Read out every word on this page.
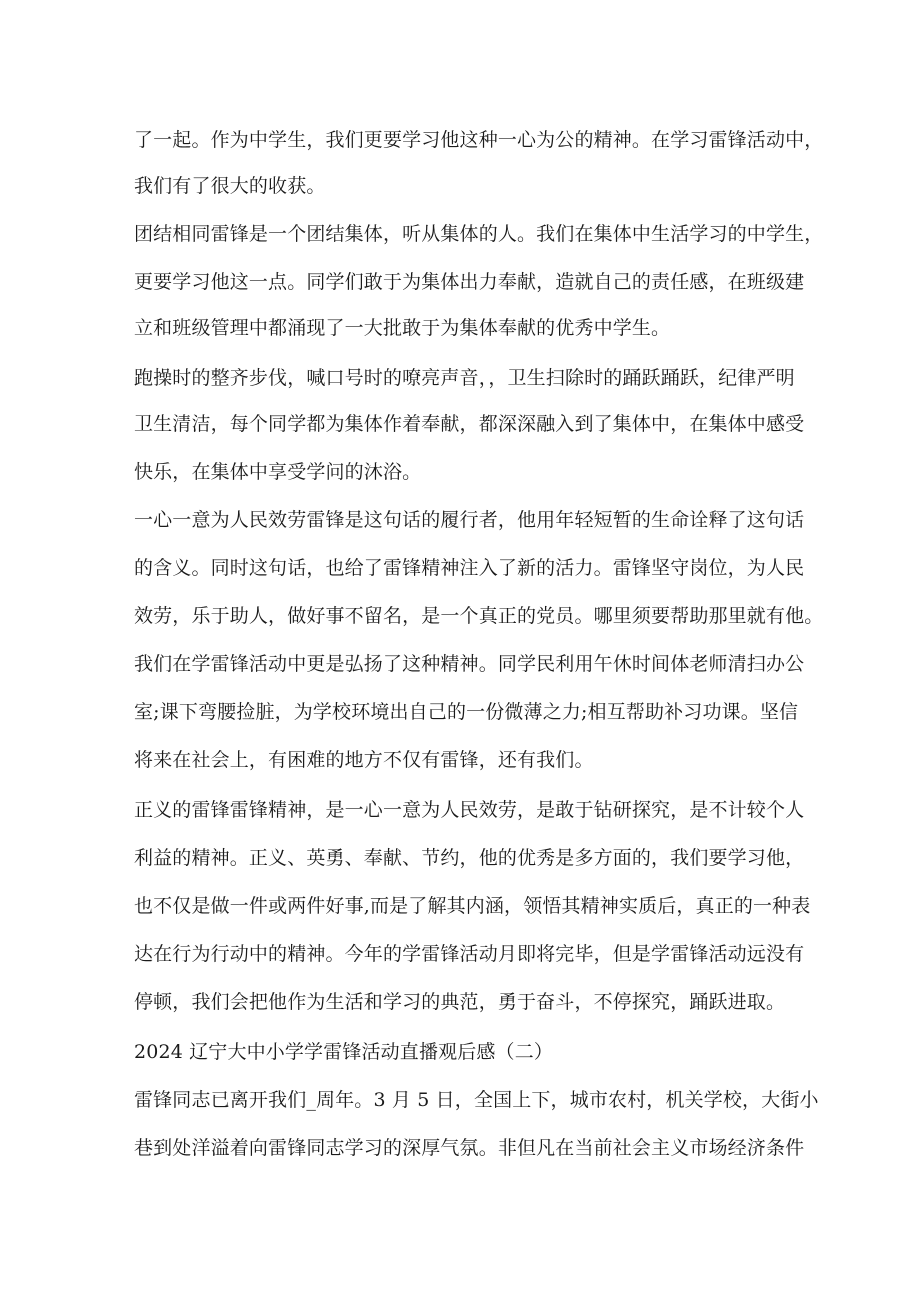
了一起。作为中学生，我们更要学习他这种一心为公的精神。在学习雷锋活动中，
我们有了很大的收获。
团结相同雷锋是一个团结集体，听从集体的人。我们在集体中生活学习的中学生，
更要学习他这一点。同学们敢于为集体出力奉献，造就自己的责任感，在班级建
立和班级管理中都涌现了一大批敢于为集体奉献的优秀中学生。
跑操时的整齐步伐，喊口号时的嘹亮声音，，卫生扫除时的踊跃踊跃，纪律严明
卫生清洁，每个同学都为集体作着奉献，都深深融入到了集体中，在集体中感受
快乐，在集体中享受学问的沐浴。
一心一意为人民效劳雷锋是这句话的履行者，他用年轻短暂的生命诠释了这句话
的含义。同时这句话，也给了雷锋精神注入了新的活力。雷锋坚守岗位，为人民
效劳，乐于助人，做好事不留名，是一个真正的党员。哪里须要帮助那里就有他。
我们在学雷锋活动中更是弘扬了这种精神。同学民利用午休时间体老师清扫办公
室;课下弯腰捡脏，为学校环境出自己的一份微薄之力;相互帮助补习功课。坚信
将来在社会上，有困难的地方不仅有雷锋，还有我们。
正义的雷锋雷锋精神，是一心一意为人民效劳，是敢于钻研探究，是不计较个人
利益的精神。正义、英勇、奉献、节约，他的优秀是多方面的，我们要学习他，
也不仅是做一件或两件好事,而是了解其内涵，领悟其精神实质后，真正的一种表
达在行为行动中的精神。今年的学雷锋活动月即将完毕，但是学雷锋活动远没有
停顿，我们会把他作为生活和学习的典范，勇于奋斗，不停探究，踊跃进取。
2024 辽宁大中小学学雷锋活动直播观后感（二）
雷锋同志已离开我们_周年。3 月 5 日，全国上下，城市农村，机关学校，大街小
巷到处洋溢着向雷锋同志学习的深厚气氛。非但凡在当前社会主义市场经济条件
